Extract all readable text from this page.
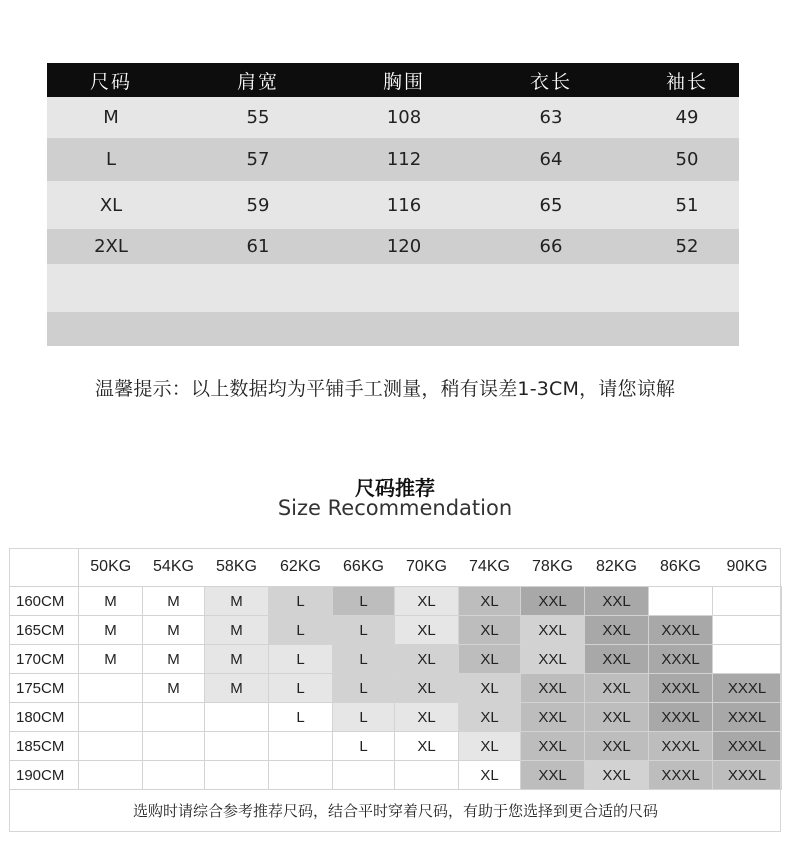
尺码	肩宽	胸围	衣长	袖长
M	55	108	63	49
L	57	112	64	50
XL	59	116	65	51
2XL	61	120	66	52
温馨提示：以上数据均为平铺手工测量，稍有误差1-3CM，请您谅解
尺码推荐
Size Recommendation
	50KG	54KG	58KG	62KG	66KG	70KG	74KG	78KG	82KG	86KG	90KG
160CM	M	M	M	L	L	XL	XL	XXL	XXL		
165CM	M	M	M	L	L	XL	XL	XXL	XXL	XXXL	
170CM	M	M	M	L	L	XL	XL	XXL	XXL	XXXL	
175CM		M	M	L	L	XL	XL	XXL	XXL	XXXL	XXXL
180CM				L	L	XL	XL	XXL	XXL	XXXL	XXXL
185CM					L	XL	XL	XXL	XXL	XXXL	XXXL
190CM							XL	XXL	XXL	XXXL	XXXL
选购时请综合参考推荐尺码，结合平时穿着尺码，有助于您选择到更合适的尺码											
